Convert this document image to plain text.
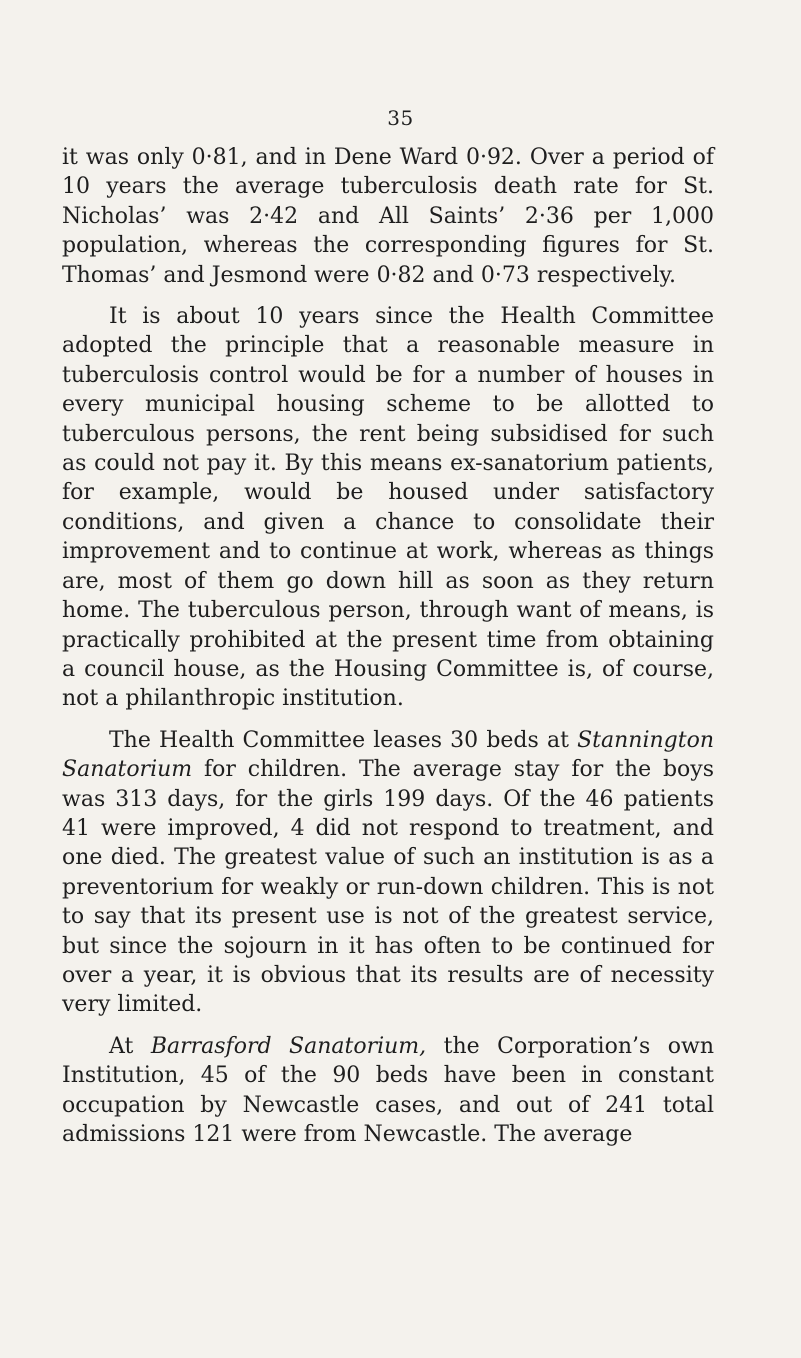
35

it was only 0·81, and in Dene Ward 0·92. Over a period of 10 years the average tuberculosis death rate for St. Nicholas’ was 2·42 and All Saints’ 2·36 per 1,000 population, whereas the corresponding figures for St. Thomas’ and Jesmond were 0·82 and 0·73 respectively.

It is about 10 years since the Health Committee adopted the principle that a reasonable measure in tuberculosis control would be for a number of houses in every municipal housing scheme to be allotted to tuberculous persons, the rent being subsidised for such as could not pay it. By this means ex-sanatorium patients, for example, would be housed under satisfactory conditions, and given a chance to consolidate their improvement and to continue at work, whereas as things are, most of them go down hill as soon as they return home. The tuberculous person, through want of means, is practically prohibited at the present time from obtaining a council house, as the Housing Committee is, of course, not a philanthropic institution.

The Health Committee leases 30 beds at Stannington Sanatorium for children. The average stay for the boys was 313 days, for the girls 199 days. Of the 46 patients 41 were improved, 4 did not respond to treatment, and one died. The greatest value of such an institution is as a preventorium for weakly or run-down children. This is not to say that its present use is not of the greatest service, but since the sojourn in it has often to be continued for over a year, it is obvious that its results are of necessity very limited.

At Barrasford Sanatorium, the Corporation’s own Institution, 45 of the 90 beds have been in constant occupation by Newcastle cases, and out of 241 total admissions 121 were from Newcastle. The average
